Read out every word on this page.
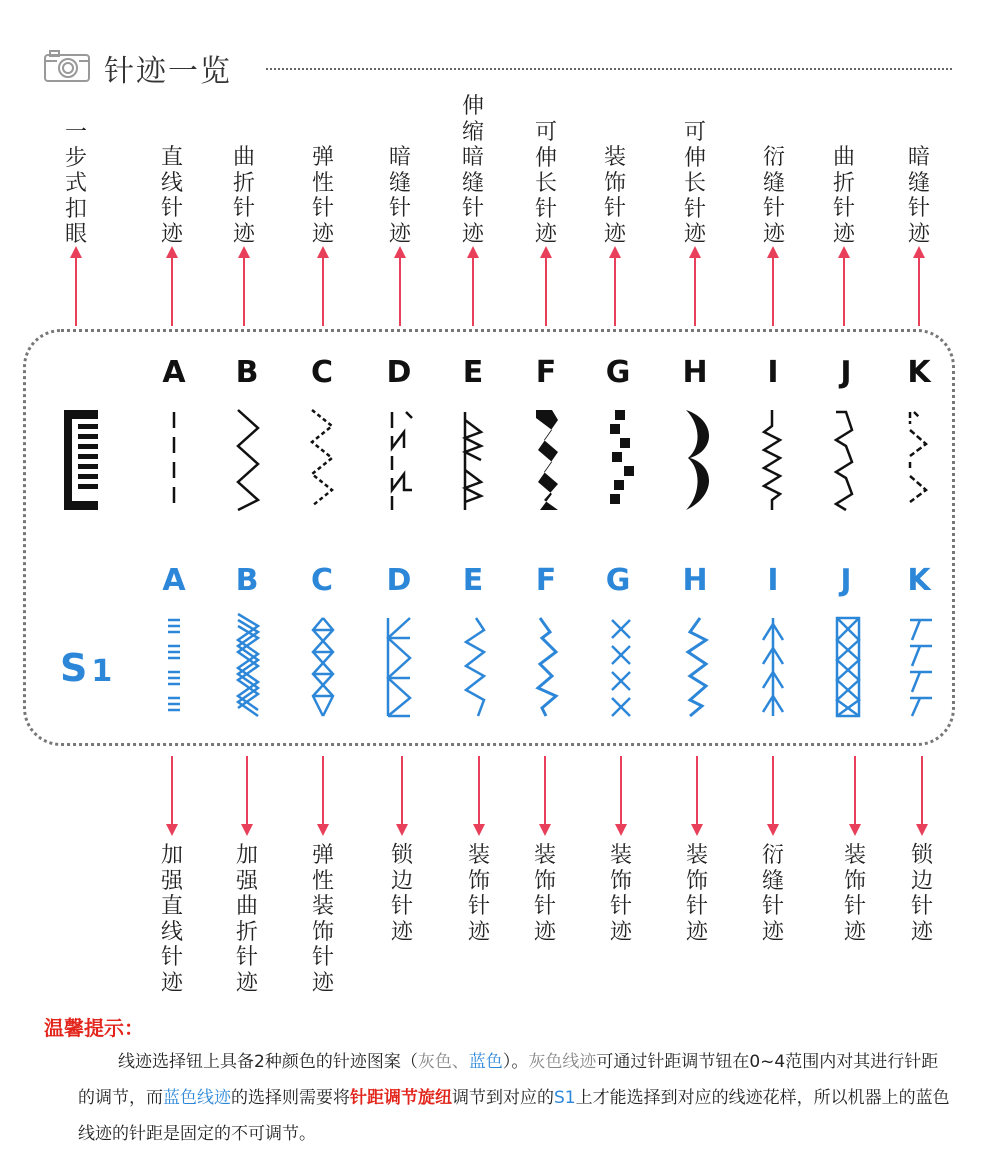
针迹一览
一步式扣眼
直线针迹
曲折针迹
弹性针迹
暗缝针迹
伸缩暗缝针迹
可伸长针迹
装饰针迹
可伸长针迹
衍缝针迹
曲折针迹
暗缝针迹
A B C D	E	F	G H	I	J	K
A B C D	E	F	G H	I	J	K
S 1
加强直线针迹
加强曲折针迹
弹性装饰针迹
锁边针迹
装饰针迹
装饰针迹
装饰针迹
装饰针迹
衍缝针迹
装饰针迹
锁边针迹
温馨提示：
线迹选择钮上具备2种颜色的针迹图案（灰色、蓝色）。灰色线迹可通过针距调节钮在0~4范围内对其进行针距的调节，而蓝色线迹的选择则需要将针距调节旋纽调节到对应的S1上才能选择到对应的线迹花样，所以机器上的蓝色线迹的针距是固定的不可调节。
